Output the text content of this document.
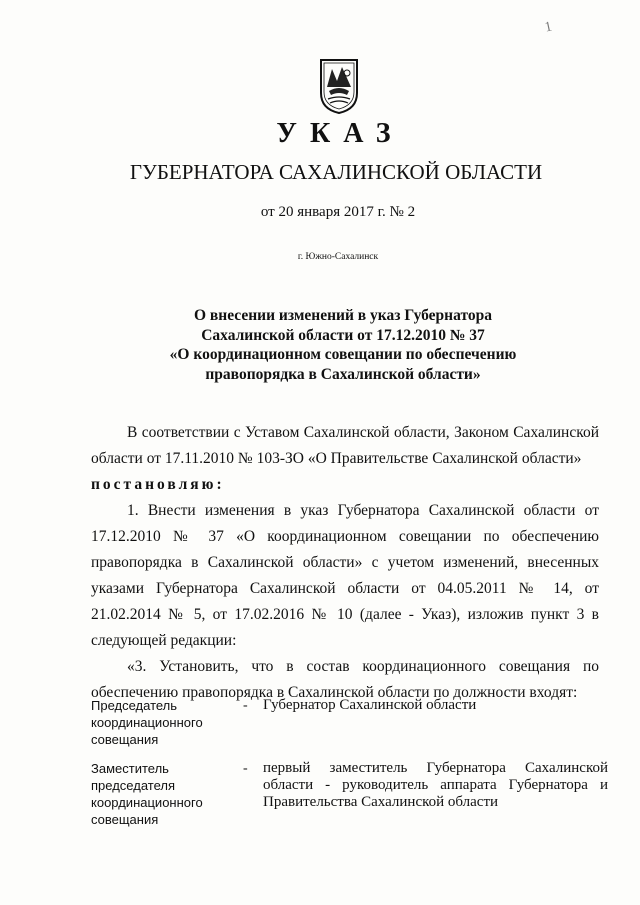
1
УКАЗ
ГУБЕРНАТОРА САХАЛИНСКОЙ ОБЛАСТИ
от 20 января 2017 г. № 2
г. Южно-Сахалинск
О внесении изменений в указ Губернатора
Сахалинской области от 17.12.2010 № 37
«О координационном совещании по обеспечению
правопорядка в Сахалинской области»

В соответствии с Уставом Сахалинской области, Законом Сахалинской области от 17.11.2010 № 103-ЗО «О Правительстве Сахалинской области»

постановляю:

1. Внести изменения в указ Губернатора Сахалинской области от 17.12.2010 № 37 «О координационном совещании по обеспечению правопорядка в Сахалинской области» с учетом изменений, внесенных указами Губернатора Сахалинской области от 04.05.2011 № 14, от 21.02.2014 № 5, от 17.02.2016 № 10 (далее - Указ), изложив пункт 3 в следующей редакции:

«3. Установить, что в состав координационного совещания по обеспечению правопорядка в Сахалинской области по должности входят:

Председатель координационного совещания
-	Губернатор Сахалинской области
Заместитель председателя координационного совещания
-	первый заместитель Губернатора Сахалинской области - руководитель аппарата Губернатора и Правительства Сахалинской области
